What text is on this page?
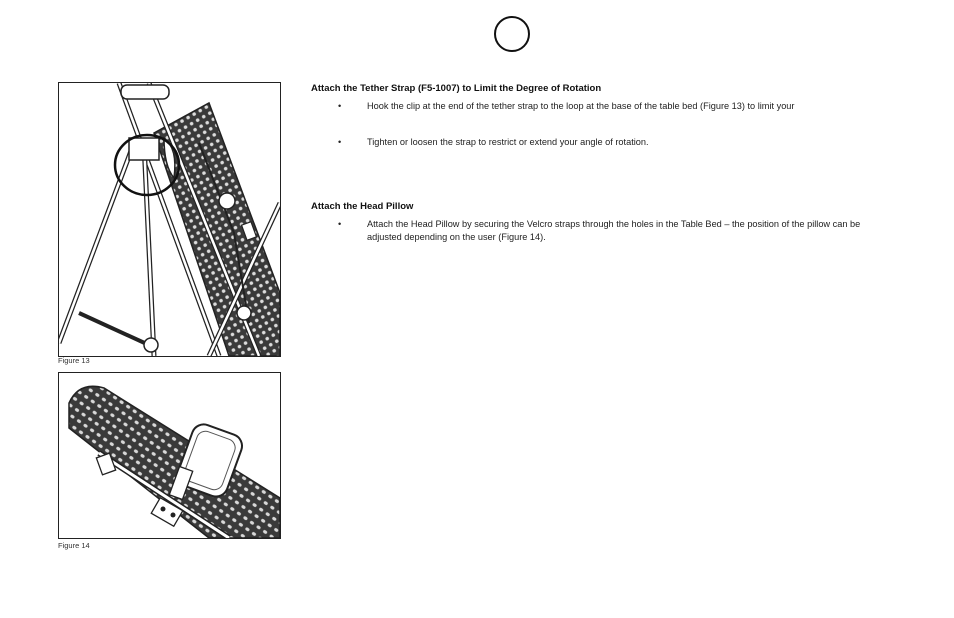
Figure 13
Figure 14

Attach the Tether Strap (F5-1007) to Limit the Degree of Rotation

•	Hook the clip at the end of the tether strap to the loop at the base of the table bed (Figure 13) to limit your
•	Tighten or loosen the strap to restrict or extend your angle of rotation.

Attach the Head Pillow

•	Attach the Head Pillow by securing the Velcro straps through the holes in the Table Bed – the position of the pillow can be adjusted depending on the user (Figure 14).
